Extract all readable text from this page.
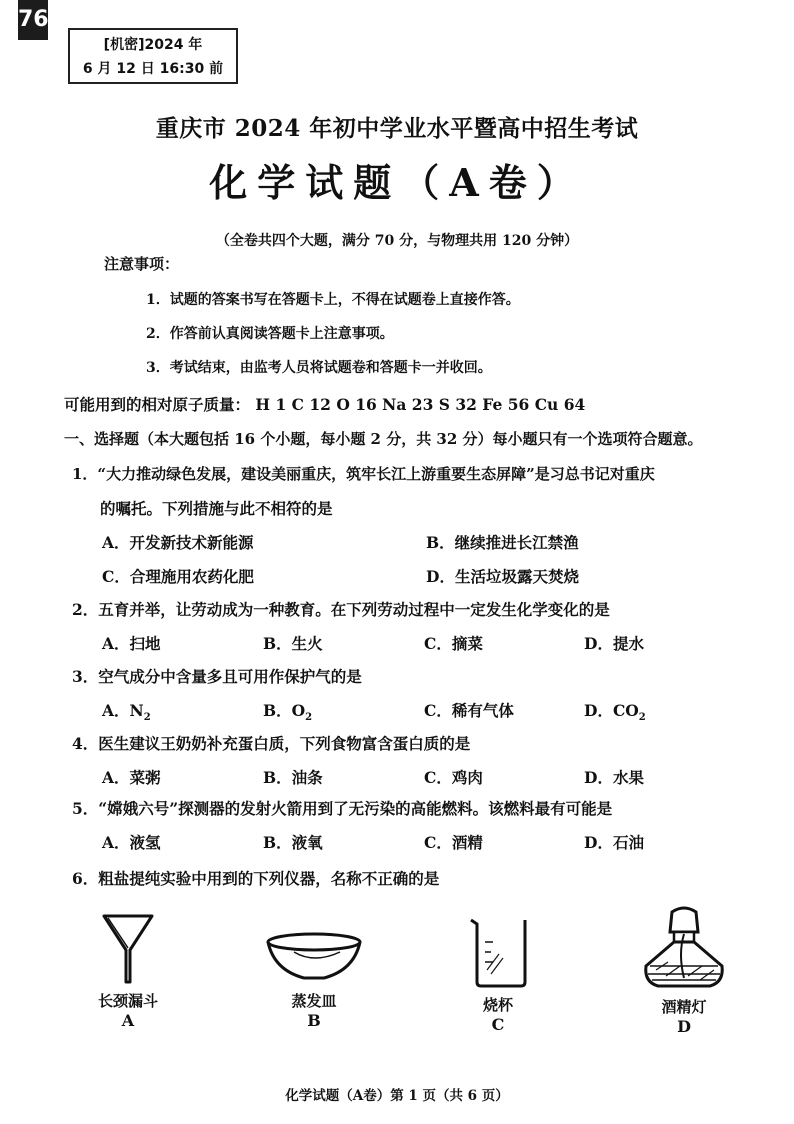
76
[机密]2024 年
6 月 12 日 16:30 前
重庆市 2024 年初中学业水平暨高中招生考试
化学试题（A卷）
（全卷共四个大题，满分 70 分，与物理共用 120 分钟）
注意事项：
1．试题的答案书写在答题卡上，不得在试题卷上直接作答。
2．作答前认真阅读答题卡上注意事项。
3．考试结束，由监考人员将试题卷和答题卡一并收回。
可能用到的相对原子质量： H 1 C 12 O 16 Na 23 S 32 Fe 56 Cu 64
一、选择题（本大题包括 16 个小题，每小题 2 分，共 32 分）每小题只有一个选项符合题意。
1．“大力推动绿色发展，建设美丽重庆，筑牢长江上游重要生态屏障”是习总书记对重庆
的嘱托。下列措施与此不相符的是
A．开发新技术新能源	B．继续推进长江禁渔
C．合理施用农药化肥	D．生活垃圾露天焚烧
2．五育并举，让劳动成为一种教育。在下列劳动过程中一定发生化学变化的是
A．扫地	B．生火	C．摘菜	D．提水
3．空气成分中含量多且可用作保护气的是
A．$N_2$	B．$O_2$	C．稀有气体	D．$CO_2$
4．医生建议王奶奶补充蛋白质，下列食物富含蛋白质的是
A．菜粥	B．油条	C．鸡肉	D．水果
5．“嫦娥六号”探测器的发射火箭用到了无污染的高能燃料。该燃料最有可能是
A．液氢	B．液氧	C．酒精	D．石油
6．粗盐提纯实验中用到的下列仪器，名称不正确的是
长颈漏斗
A
蒸发皿
B
烧杯
C
酒精灯
D
化学试题（A卷）第 1 页（共 6 页）
